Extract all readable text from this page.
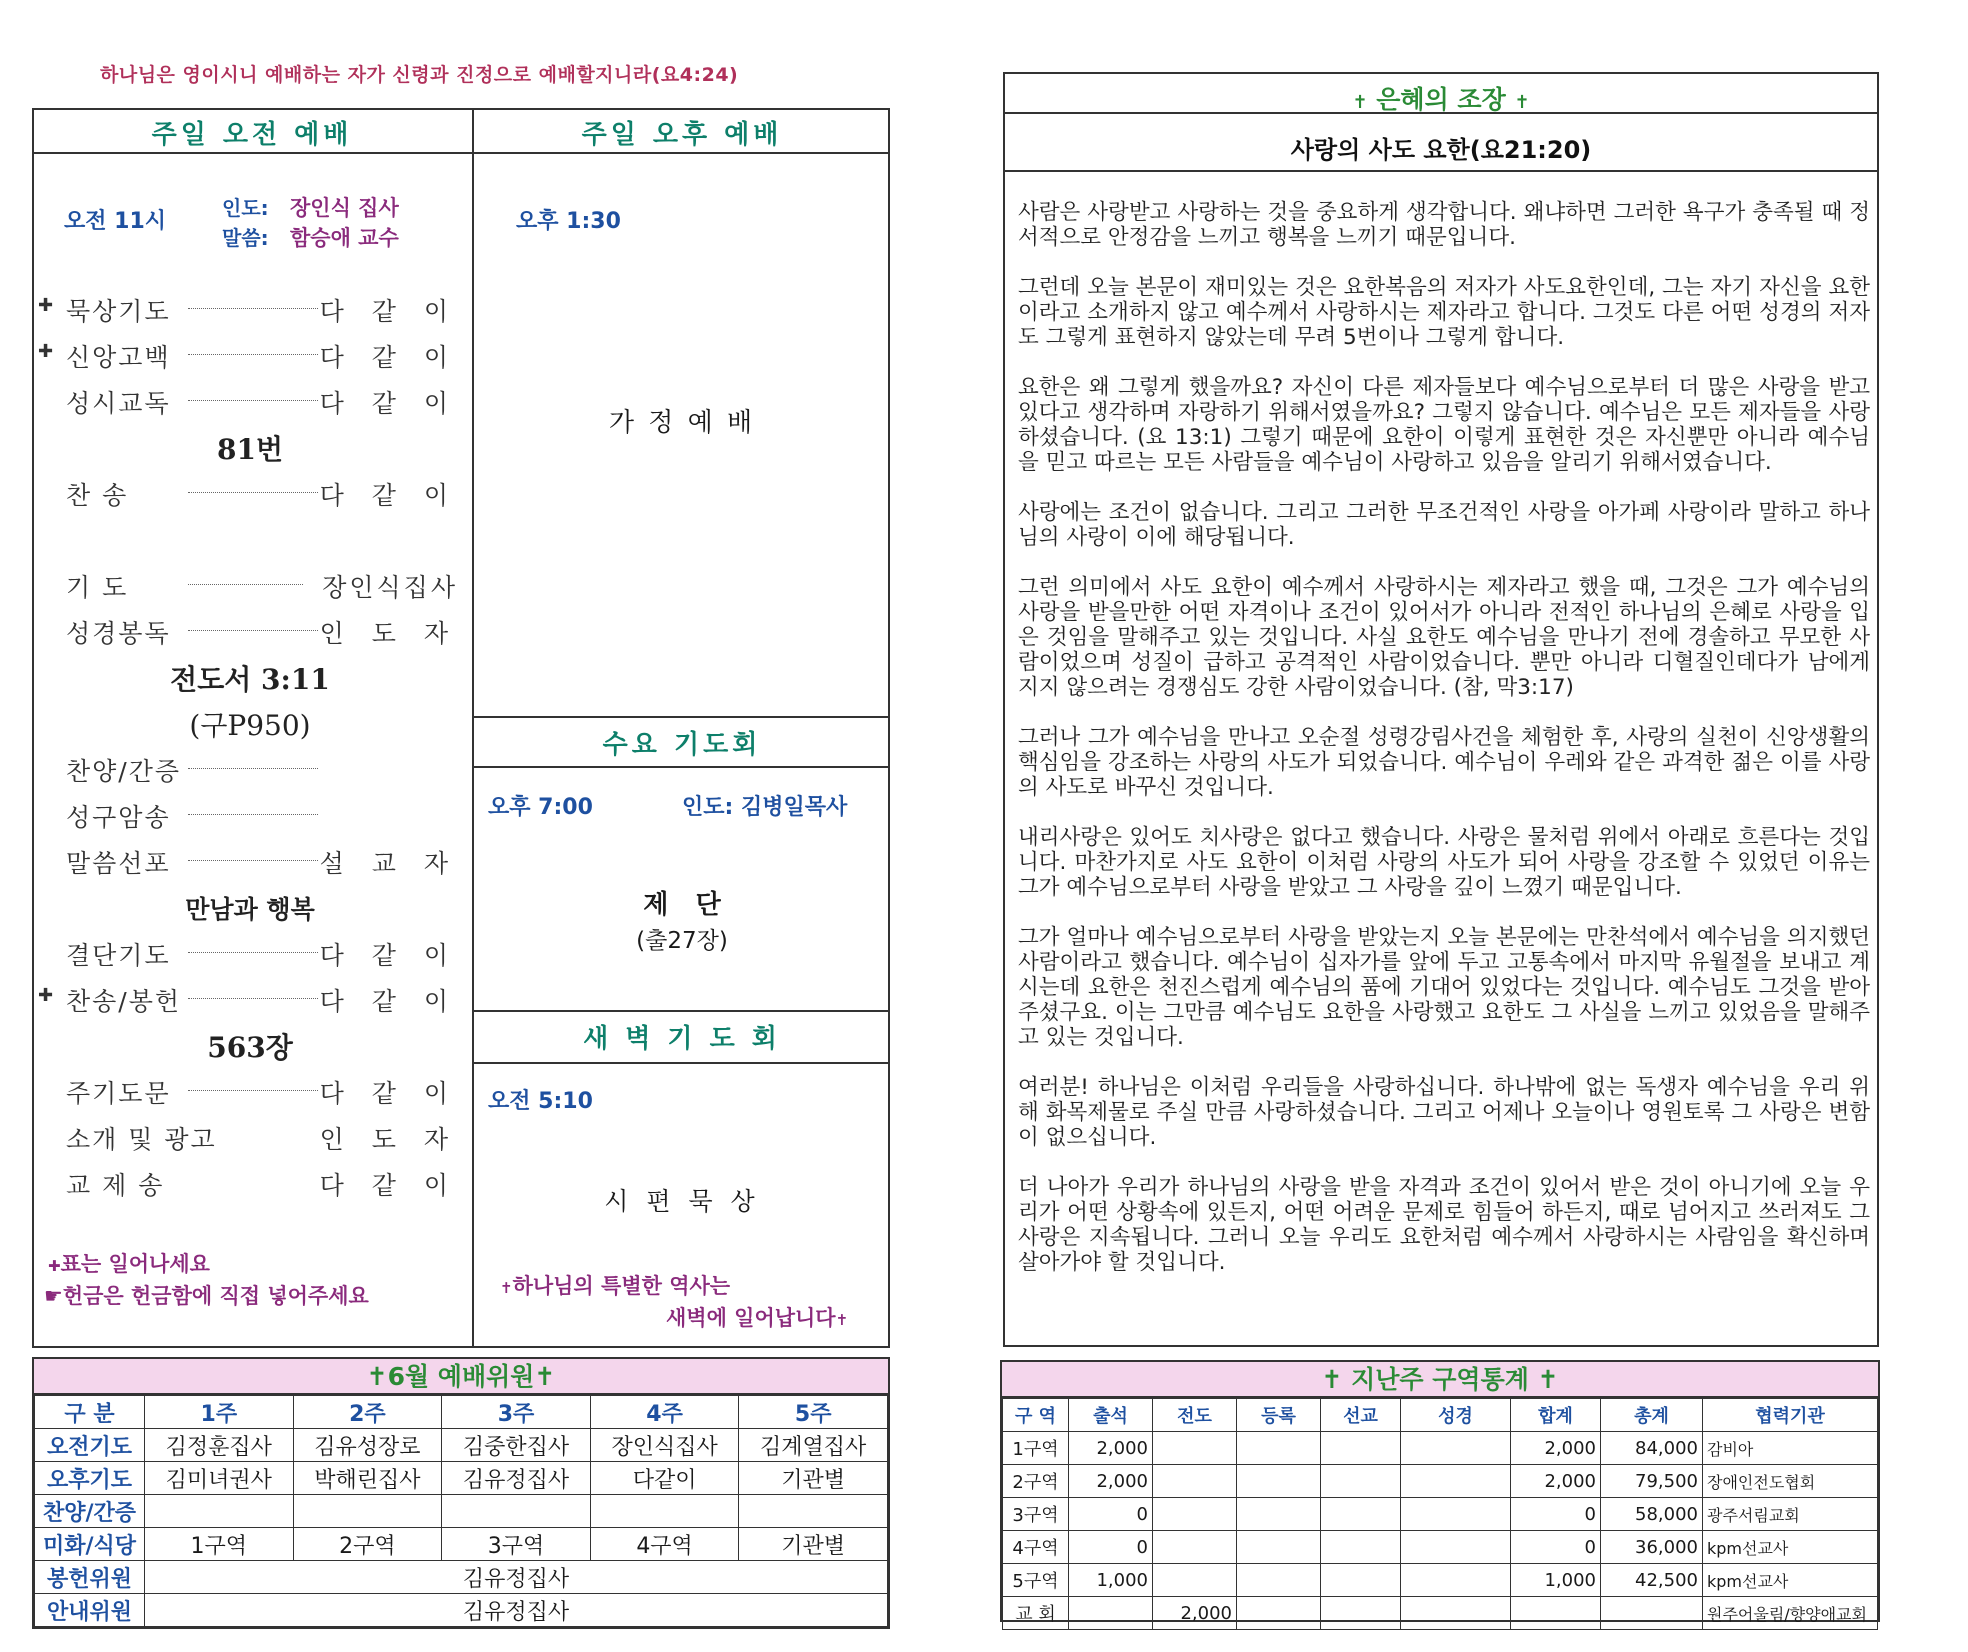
하나님은 영이시니 예배하는 자가 신령과 진정으로 예배할지니라(요4:24)
주일 오전 예배
오전 11시
인도: 장인식 집사
말씀: 함승애 교수
✚ 묵상기도	다 같 이
✚ 신앙고백	다 같 이
성시교독	다 같 이
81번
찬 송	다 같 이
기 도	장인식집사
성경봉독	인 도 자
전도서 3:11
(구P950)
찬양/간증
성구암송
말씀선포	설 교 자
만남과 행복
결단기도	다 같 이
✚ 찬송/봉헌	다 같 이
563장
주기도문	다 같 이
소개 및 광고	인 도 자
교 제 송	다 같 이
✚표는 일어나세요
☛헌금은 헌금함에 직접 넣어주세요
주일 오후 예배
오후 1:30
가 정 예 배
수요 기도회
오후 7:00	인도: 김병일목사
제   단
(출27장)
새 벽 기 도 회
오전 5:10
시 편 묵 상
✝하나님의 특별한 역사는
새벽에 일어납니다✝
✝6월 예배위원✝
구 분	1주	2주	3주	4주	5주
오전기도	김정훈집사	김유성장로	김중한집사	장인식집사	김계열집사
오후기도	김미녀권사	박해린집사	김유정집사	다같이	기관별
찬양/간증					
미화/식당	1구역	2구역	3구역	4구역	기관별
봉헌위원	김유정집사				
안내위원	김유정집사				
✝ 은혜의 조장 ✝
사랑의 사도 요한(요21:20)

사람은 사랑받고 사랑하는 것을 중요하게 생각합니다. 왜냐하면 그러한 욕구가 충족될 때 정서적으로 안정감을 느끼고 행복을 느끼기 때문입니다.

그런데 오늘 본문이 재미있는 것은 요한복음의 저자가 사도요한인데, 그는 자기 자신을 요한이라고 소개하지 않고 예수께서 사랑하시는 제자라고 합니다. 그것도 다른 어떤 성경의 저자도 그렇게 표현하지 않았는데 무려 5번이나 그렇게 합니다.

요한은 왜 그렇게 했을까요? 자신이 다른 제자들보다 예수님으로부터 더 많은 사랑을 받고 있다고 생각하며 자랑하기 위해서였을까요? 그렇지 않습니다. 예수님은 모든 제자들을 사랑하셨습니다. (요 13:1) 그렇기 때문에 요한이 이렇게 표현한 것은 자신뿐만 아니라 예수님을 믿고 따르는 모든 사람들을 예수님이 사랑하고 있음을 알리기 위해서였습니다.

사랑에는 조건이 없습니다. 그리고 그러한 무조건적인 사랑을 아가페 사랑이라 말하고 하나님의 사랑이 이에 해당됩니다.

그런 의미에서 사도 요한이 예수께서 사랑하시는 제자라고 했을 때, 그것은 그가 예수님의 사랑을 받을만한 어떤 자격이나 조건이 있어서가 아니라 전적인 하나님의 은혜로 사랑을 입은 것임을 말해주고 있는 것입니다. 사실 요한도 예수님을 만나기 전에 경솔하고 무모한 사람이었으며 성질이 급하고 공격적인 사람이었습니다. 뿐만 아니라 디혈질인데다가 남에게 지지 않으려는 경쟁심도 강한 사람이었습니다. (참, 막3:17)

그러나 그가 예수님을 만나고 오순절 성령강림사건을 체험한 후, 사랑의 실천이 신앙생활의 핵심임을 강조하는 사랑의 사도가 되었습니다. 예수님이 우레와 같은 과격한 젊은 이를 사랑의 사도로 바꾸신 것입니다.

내리사랑은 있어도 치사랑은 없다고 했습니다. 사랑은 물처럼 위에서 아래로 흐른다는 것입니다. 마찬가지로 사도 요한이 이처럼 사랑의 사도가 되어 사랑을 강조할 수 있었던 이유는 그가 예수님으로부터 사랑을 받았고 그 사랑을 깊이 느꼈기 때문입니다.

그가 얼마나 예수님으로부터 사랑을 받았는지 오늘 본문에는 만찬석에서 예수님을 의지했던 사람이라고 했습니다. 예수님이 십자가를 앞에 두고 고통속에서 마지막 유월절을 보내고 계시는데 요한은 천진스럽게 예수님의 품에 기대어 있었다는 것입니다. 예수님도 그것을 받아주셨구요. 이는 그만큼 예수님도 요한을 사랑했고 요한도 그 사실을 느끼고 있었음을 말해주고 있는 것입니다.

여러분! 하나님은 이처럼 우리들을 사랑하십니다. 하나밖에 없는 독생자 예수님을 우리 위해 화목제물로 주실 만큼 사랑하셨습니다. 그리고 어제나 오늘이나 영원토록 그 사랑은 변함이 없으십니다.

더 나아가 우리가 하나님의 사랑을 받을 자격과 조건이 있어서 받은 것이 아니기에 오늘 우리가 어떤 상황속에 있든지, 어떤 어려운 문제로 힘들어 하든지, 때로 넘어지고 쓰러져도 그 사랑은 지속됩니다. 그러니 오늘 우리도 요한처럼 예수께서 사랑하시는 사람임을 확신하며 살아가야 할 것입니다.

✝ 지난주 구역통계 ✝
구 역	출석	전도	등록	선교	성경	합계	총계	협력기관
1구역	2,000					2,000	84,000	감비아
2구역	2,000					2,000	79,500	장애인전도협회
3구역	0					0	58,000	광주서림교회
4구역	0					0	36,000	kpm선교사
5구역	1,000					1,000	42,500	kpm선교사
교 회		2,000						원주어울림/향양애교회
